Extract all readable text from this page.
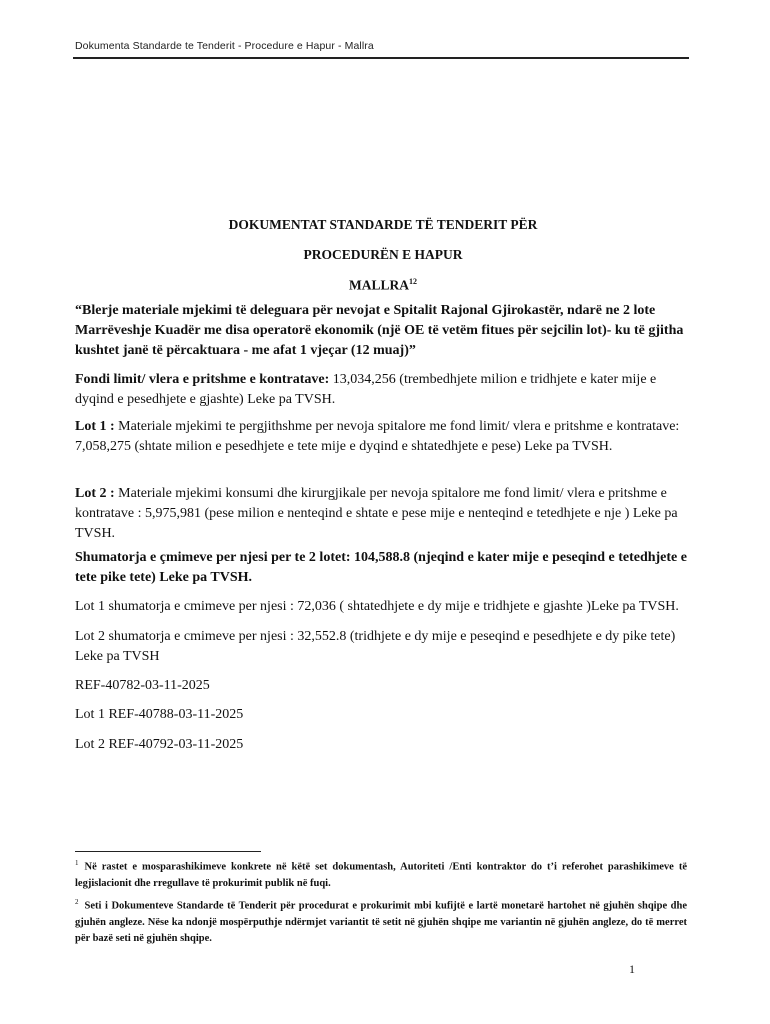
Dokumenta Standarde te Tenderit - Procedure e Hapur - Mallra
DOKUMENTAT STANDARDE TË TENDERIT PËR
PROCEDURËN E HAPUR
MALLRA$^{12}$
“Blerje materiale mjekimi të deleguara për nevojat e Spitalit Rajonal Gjirokastër, ndarë ne 2 lote Marrëveshje Kuadër me disa operatorë ekonomik (një OE të vetëm fitues për sejcilin lot)- ku të gjitha kushtet janë të përcaktuara - me afat 1 vjeçar (12 muaj)”
Fondi limit/ vlera e pritshme e kontratave: 13,034,256 (trembedhjete milion e tridhjete e kater mije e dyqind e pesedhjete e gjashte) Leke pa TVSH.
Lot 1 : Materiale mjekimi te pergjithshme per nevoja spitalore me fond limit/ vlera e pritshme e kontratave: 7,058,275 (shtate milion e pesedhjete e tete mije e dyqind e shtatedhjete e pese) Leke pa TVSH.
Lot 2 : Materiale mjekimi konsumi dhe kirurgjikale per nevoja spitalore me fond limit/ vlera e pritshme e kontratave : 5,975,981 (pese milion e nenteqind e shtate e pese mije e nenteqind e tetedhjete e nje ) Leke pa TVSH.
Shumatorja e çmimeve per njesi per te 2 lotet: 104,588.8 (njeqind e kater mije e peseqind e tetedhjete e tete pike tete) Leke pa TVSH.
Lot 1 shumatorja e cmimeve per njesi : 72,036 ( shtatedhjete e dy mije e tridhjete e gjashte )Leke pa TVSH.
Lot 2 shumatorja e cmimeve per njesi : 32,552.8 (tridhjete e dy mije e peseqind e pesedhjete e dy pike tete) Leke pa TVSH
REF-40782-03-11-2025
Lot 1 REF-40788-03-11-2025
Lot 2 REF-40792-03-11-2025
$^1$ Në rastet e mosparashikimeve konkrete në këtë set dokumentash, Autoriteti /Enti kontraktor do t’i referohet parashikimeve të legjislacionit dhe rregullave të prokurimit publik në fuqi.
$^2$ Seti i Dokumenteve Standarde të Tenderit për procedurat e prokurimit mbi kufijtë e lartë monetarë hartohet në gjuhën shqipe dhe gjuhën angleze. Nëse ka ndonjë mospërputhje ndërmjet variantit të setit në gjuhën shqipe me variantin në gjuhën angleze, do të merret për bazë seti në gjuhën shqipe.
1
